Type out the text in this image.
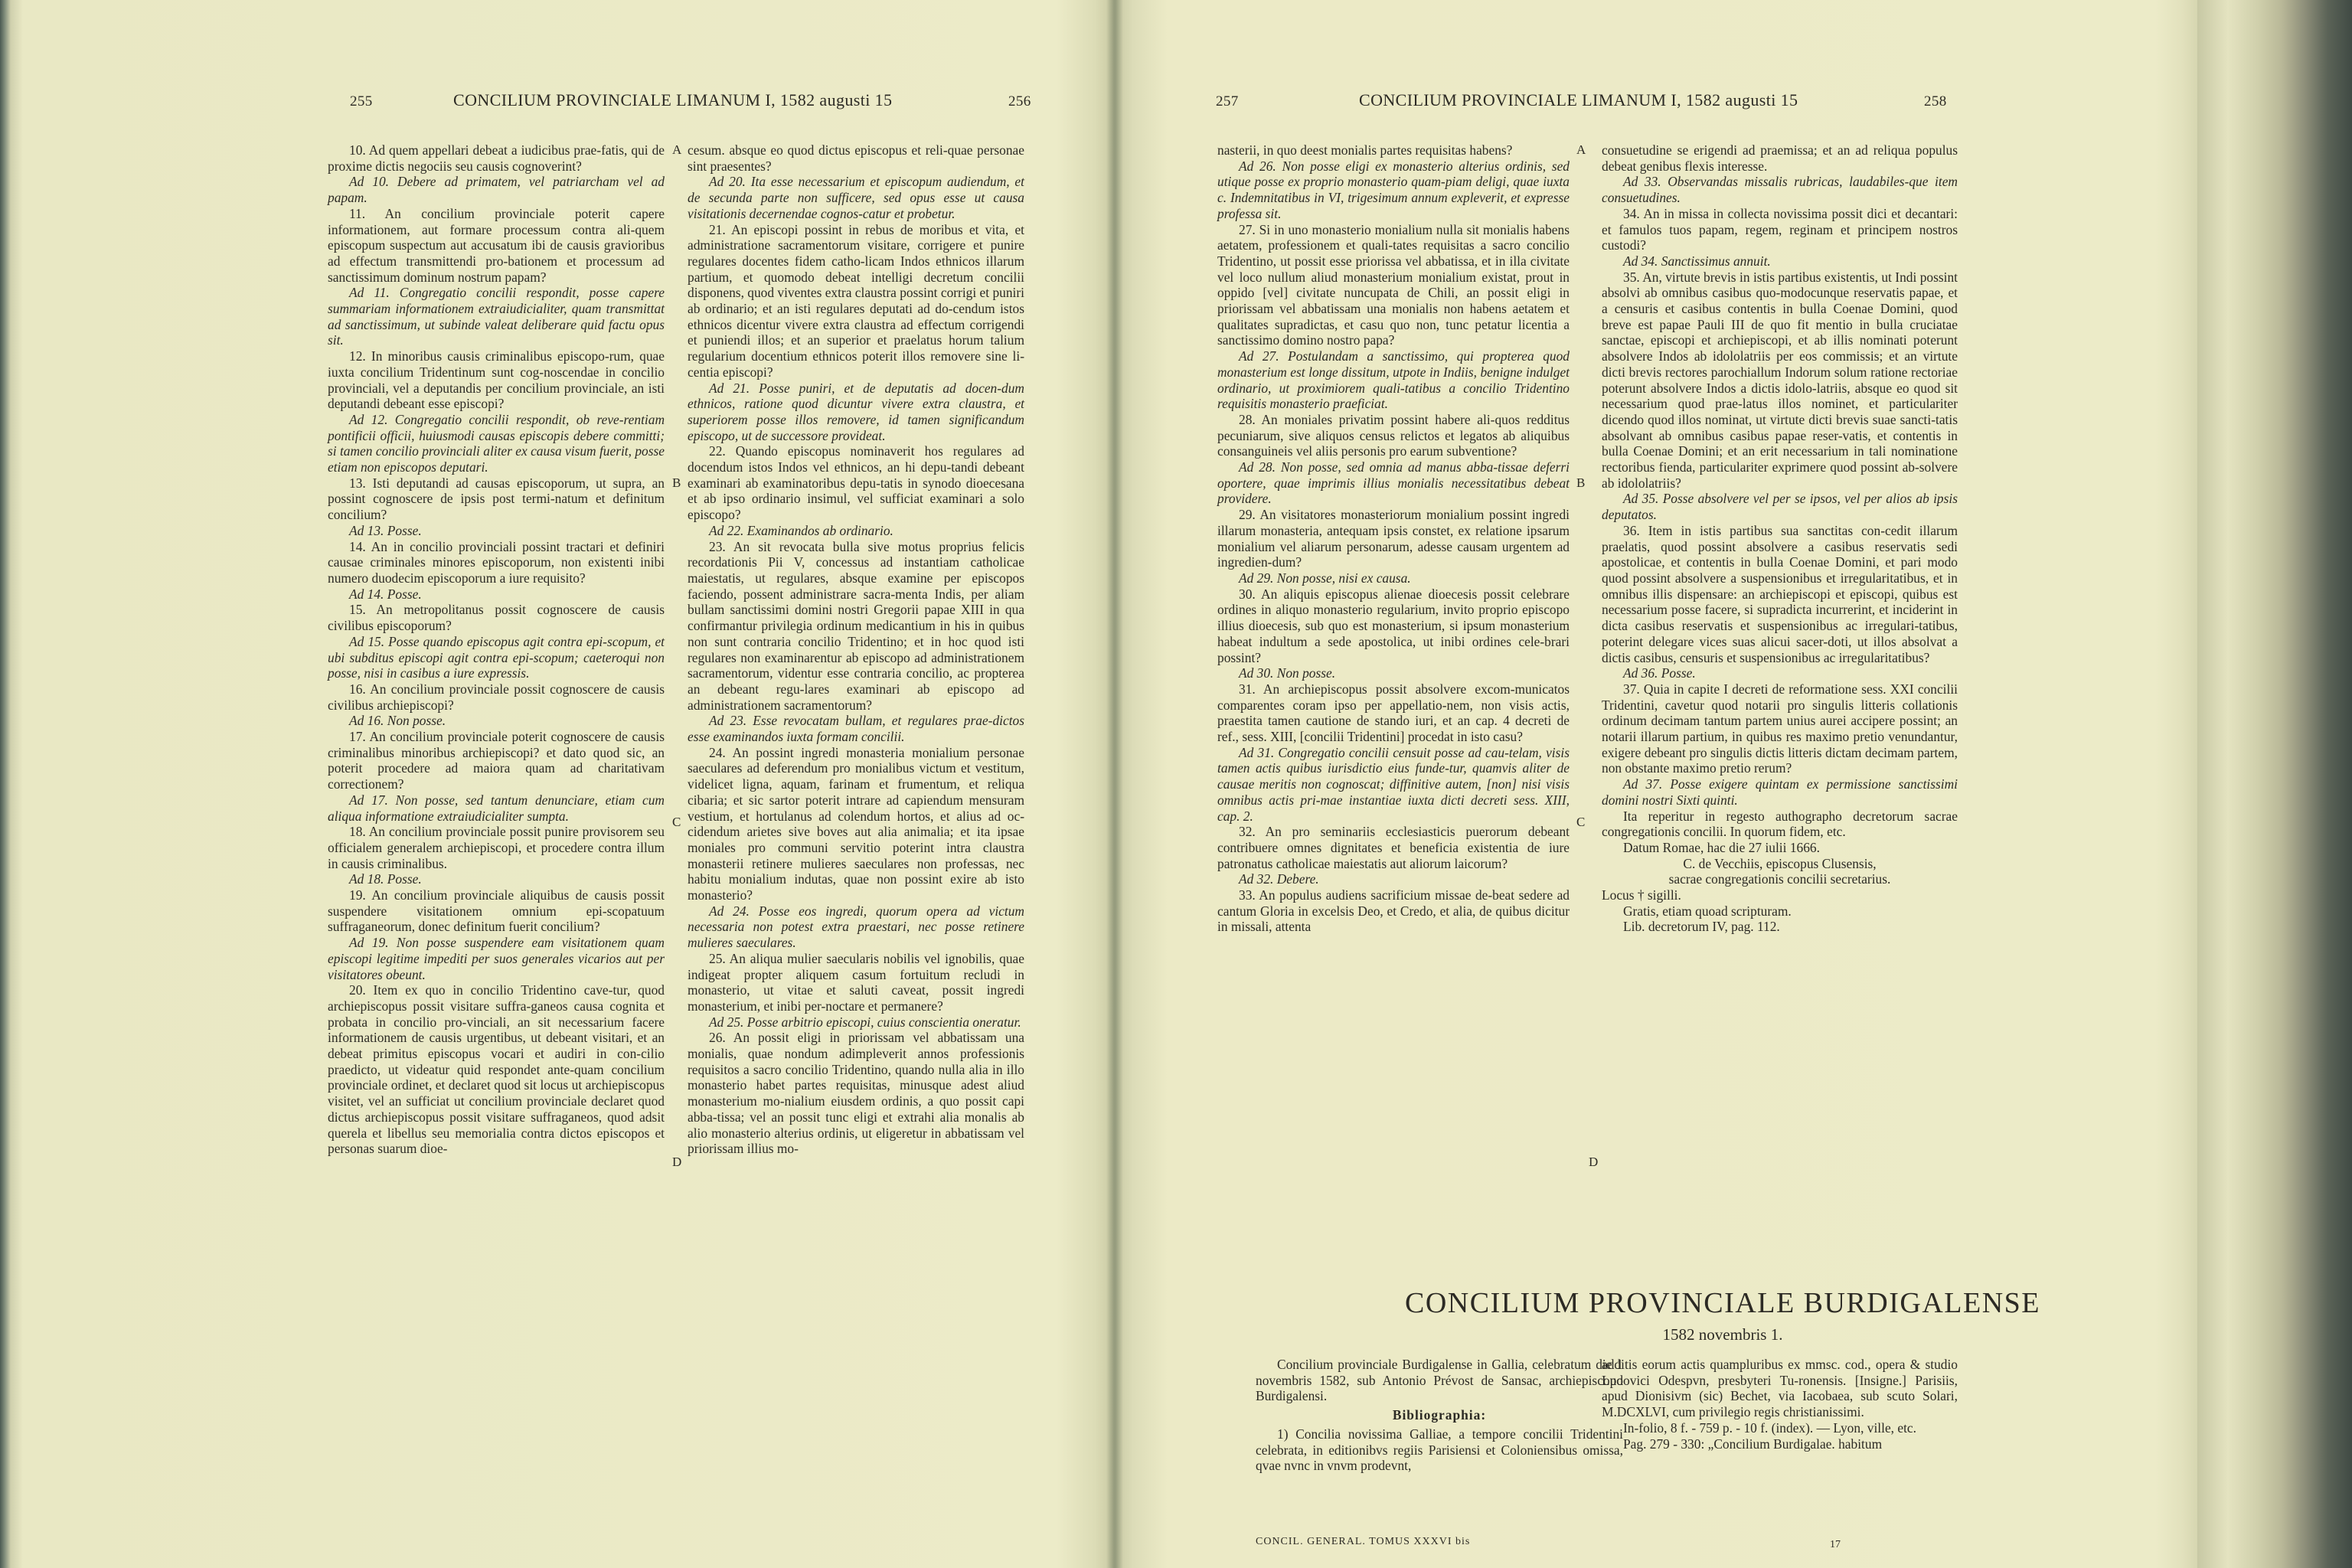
255	CONCILIUM PROVINCIALE LIMANUM I, 1582 augusti 15	256

10. Ad quem appellari debeat a iudicibus prae-fatis, qui de proxime dictis negociis seu causis cognoverint?

Ad 10. Debere ad primatem, vel patriarcham vel ad papam.

11. An concilium provinciale poterit capere informationem, aut formare processum contra ali-quem episcopum suspectum aut accusatum ibi de causis gravioribus ad effectum transmittendi pro-bationem et processum ad sanctissimum dominum nostrum papam?

Ad 11. Congregatio concilii respondit, posse capere summariam informationem extraiudicialiter, quam transmittat ad sanctissimum, ut subinde valeat deliberare quid factu opus sit.

12. In minoribus causis criminalibus episcopo-rum, quae iuxta concilium Tridentinum sunt cog-noscendae in concilio provinciali, vel a deputandis per concilium provinciale, an isti deputandi debeant esse episcopi?

Ad 12. Congregatio concilii respondit, ob reve-rentiam pontificii officii, huiusmodi causas episcopis debere committi; si tamen concilio provinciali aliter ex causa visum fuerit, posse etiam non episcopos deputari.

13. Isti deputandi ad causas episcoporum, ut supra, an possint cognoscere de ipsis post termi-natum et definitum concilium?

Ad 13. Posse.

14. An in concilio provinciali possint tractari et definiri causae criminales minores episcoporum, non existenti inibi numero duodecim episcoporum a iure requisito?

Ad 14. Posse.

15. An metropolitanus possit cognoscere de causis civilibus episcoporum?

Ad 15. Posse quando episcopus agit contra epi-scopum, et ubi subditus episcopi agit contra epi-scopum; caeteroqui non posse, nisi in casibus a iure expressis.

16. An concilium provinciale possit cognoscere de causis civilibus archiepiscopi?

Ad 16. Non posse.

17. An concilium provinciale poterit cognoscere de causis criminalibus minoribus archiepiscopi? et dato quod sic, an poterit procedere ad maiora quam ad charitativam correctionem?

Ad 17. Non posse, sed tantum denunciare, etiam cum aliqua informatione extraiudicialiter sumpta.

18. An concilium provinciale possit punire provisorem seu officialem generalem archiepiscopi, et procedere contra illum in causis criminalibus.

Ad 18. Posse.

19. An concilium provinciale aliquibus de causis possit suspendere visitationem omnium epi-scopatuum suffraganeorum, donec definitum fuerit concilium?

Ad 19. Non posse suspendere eam visitationem quam episcopi legitime impediti per suos generales vicarios aut per visitatores obeunt.

20. Item ex quo in concilio Tridentino cave-tur, quod archiepiscopus possit visitare suffra-ganeos causa cognita et probata in concilio pro-vinciali, an sit necessarium facere informationem de causis urgentibus, ut debeant visitari, et an debeat primitus episcopus vocari et audiri in con-cilio praedicto, ut videatur quid respondet ante-quam concilium provinciale ordinet, et declaret quod sit locus ut archiepiscopus visitet, vel an sufficiat ut concilium provinciale declaret quod dictus archiepiscopus possit visitare suffraganeos, quod adsit querela et libellus seu memorialia contra dictos episcopos et personas suarum dioe-

cesum. absque eo quod dictus episcopus et reli-quae personae sint praesentes?

Ad 20. Ita esse necessarium et episcopum audiendum, et de secunda parte non sufficere, sed opus esse ut causa visitationis decernendae cognos-catur et probetur.

21. An episcopi possint in rebus de moribus et vita, et administratione sacramentorum visitare, corrigere et punire regulares docentes fidem catho-licam Indos ethnicos illarum partium, et quomodo debeat intelligi decretum concilii disponens, quod viventes extra claustra possint corrigi et puniri ab ordinario; et an isti regulares deputati ad do-cendum istos ethnicos dicentur vivere extra claustra ad effectum corrigendi et puniendi illos; et an superior et praelatus horum talium regularium docentium ethnicos poterit illos removere sine li-centia episcopi?

Ad 21. Posse puniri, et de deputatis ad docen-dum ethnicos, ratione quod dicuntur vivere extra claustra, et superiorem posse illos removere, id tamen significandum episcopo, ut de successore provideat.

22. Quando episcopus nominaverit hos regulares ad docendum istos Indos vel ethnicos, an hi depu-tandi debeant examinari ab examinatoribus depu-tatis in synodo dioecesana et ab ipso ordinario insimul, vel sufficiat examinari a solo episcopo?

Ad 22. Examinandos ab ordinario.

23. An sit revocata bulla sive motus proprius felicis recordationis Pii V, concessus ad instantiam catholicae maiestatis, ut regulares, absque examine per episcopos faciendo, possent administrare sacra-menta Indis, per aliam bullam sanctissimi domini nostri Gregorii papae XIII in qua confirmantur privilegia ordinum medicantium in his in quibus non sunt contraria concilio Tridentino; et in hoc quod isti regulares non examinarentur ab episcopo ad administrationem sacramentorum, videntur esse contraria concilio, ac propterea an debeant regu-lares examinari ab episcopo ad administrationem sacramentorum?

Ad 23. Esse revocatam bullam, et regulares prae-dictos esse examinandos iuxta formam concilii.

24. An possint ingredi monasteria monialium personae saeculares ad deferendum pro monialibus victum et vestitum, videlicet ligna, aquam, farinam et frumentum, et reliqua cibaria; et sic sartor poterit intrare ad capiendum mensuram vestium, et hortulanus ad colendum hortos, et alius ad oc-cidendum arietes sive boves aut alia animalia; et ita ipsae moniales pro communi servitio poterint intra claustra monasterii retinere mulieres saeculares non professas, nec habitu monialium indutas, quae non possint exire ab isto monasterio?

Ad 24. Posse eos ingredi, quorum opera ad victum necessaria non potest extra praestari, nec posse retinere mulieres saeculares.

25. An aliqua mulier saecularis nobilis vel ignobilis, quae indigeat propter aliquem casum fortuitum recludi in monasterio, ut vitae et saluti caveat, possit ingredi monasterium, et inibi per-noctare et permanere?

Ad 25. Posse arbitrio episcopi, cuius conscientia oneratur.

26. An possit eligi in priorissam vel abbatissam una monialis, quae nondum adimpleverit annos professionis requisitos a sacro concilio Tridentino, quando nulla alia in illo monasterio habet partes requisitas, minusque adest aliud monasterium mo-nialium eiusdem ordinis, a quo possit capi abba-tissa; vel an possit tunc eligi et extrahi alia monalis ab alio monasterio alterius ordinis, ut eligeretur in abbatissam vel priorissam illius mo-

A
B
C
D
257	CONCILIUM PROVINCIALE LIMANUM I, 1582 augusti 15	258

nasterii, in quo deest monialis partes requisitas habens?

Ad 26. Non posse eligi ex monasterio alterius ordinis, sed utique posse ex proprio monasterio quam-piam deligi, quae iuxta c. Indemnitatibus in VI, trigesimum annum expleverit, et expresse professa sit.

27. Si in uno monasterio monialium nulla sit monialis habens aetatem, professionem et quali-tates requisitas a sacro concilio Tridentino, ut possit esse priorissa vel abbatissa, et in illa civitate vel loco nullum aliud monasterium monialium existat, prout in oppido [vel] civitate nuncupata de Chili, an possit eligi in priorissam vel abbatissam una monialis non habens aetatem et qualitates supradictas, et casu quo non, tunc petatur licentia a sanctissimo domino nostro papa?

Ad 27. Postulandam a sanctissimo, qui propterea quod monasterium est longe dissitum, utpote in Indiis, benigne indulget ordinario, ut proximiorem quali-tatibus a concilio Tridentino requisitis monasterio praeficiat.

28. An moniales privatim possint habere ali-quos redditus pecuniarum, sive aliquos census relictos et legatos ab aliquibus consanguineis vel aliis personis pro earum subventione?

Ad 28. Non posse, sed omnia ad manus abba-tissae deferri oportere, quae imprimis illius monialis necessitatibus debeat providere.

29. An visitatores monasteriorum monialium possint ingredi illarum monasteria, antequam ipsis constet, ex relatione ipsarum monialium vel aliarum personarum, adesse causam urgentem ad ingredien-dum?

Ad 29. Non posse, nisi ex causa.

30. An aliquis episcopus alienae dioecesis possit celebrare ordines in aliquo monasterio regularium, invito proprio episcopo illius dioecesis, sub quo est monasterium, si ipsum monasterium habeat indultum a sede apostolica, ut inibi ordines cele-brari possint?

Ad 30. Non posse.

31. An archiepiscopus possit absolvere excom-municatos comparentes coram ipso per appellatio-nem, non visis actis, praestita tamen cautione de stando iuri, et an cap. 4 decreti de ref., sess. XIII, [concilii Tridentini] procedat in isto casu?

Ad 31. Congregatio concilii censuit posse ad cau-telam, visis tamen actis quibus iurisdictio eius funde-tur, quamvis aliter de causae meritis non cognoscat; diffinitive autem, [non] nisi visis omnibus actis pri-mae instantiae iuxta dicti decreti sess. XIII, cap. 2.

32. An pro seminariis ecclesiasticis puerorum debeant contribuere omnes dignitates et beneficia existentia de iure patronatus catholicae maiestatis aut aliorum laicorum?

Ad 32. Debere.

33. An populus audiens sacrificium missae de-beat sedere ad cantum Gloria in excelsis Deo, et Credo, et alia, de quibus dicitur in missali, attenta

consuetudine se erigendi ad praemissa; et an ad reliqua populus debeat genibus flexis interesse.

Ad 33. Observandas missalis rubricas, laudabiles-que item consuetudines.

34. An in missa in collecta novissima possit dici et decantari: et famulos tuos papam, regem, reginam et principem nostros custodi?

Ad 34. Sanctissimus annuit.

35. An, virtute brevis in istis partibus existentis, ut Indi possint absolvi ab omnibus casibus quo-modocunque reservatis papae, et a censuris et casibus contentis in bulla Coenae Domini, quod breve est papae Pauli III de quo fit mentio in bulla cruciatae sanctae, episcopi et archiepiscopi, et ab illis nominati poterunt absolvere Indos ab idololatriis per eos commissis; et an virtute dicti brevis rectores parochiallum Indorum solum ratione rectoriae poterunt absolvere Indos a dictis idolo-latriis, absque eo quod sit necessarium quod prae-latus illos nominet, et particulariter dicendo quod illos nominat, ut virtute dicti brevis suae sancti-tatis absolvant ab omnibus casibus papae reser-vatis, et contentis in bulla Coenae Domini; et an erit necessarium in tali nominatione rectoribus fienda, particulariter exprimere quod possint ab-solvere ab idololatriis?

Ad 35. Posse absolvere vel per se ipsos, vel per alios ab ipsis deputatos.

36. Item in istis partibus sua sanctitas con-cedit illarum praelatis, quod possint absolvere a casibus reservatis sedi apostolicae, et contentis in bulla Coenae Domini, et pari modo quod possint absolvere a suspensionibus et irregularitatibus, et in omnibus illis dispensare: an archiepiscopi et episcopi, quibus est necessarium posse facere, si supradicta incurrerint, et inciderint in dicta casibus reservatis et suspensionibus ac irregulari-tatibus, poterint delegare vices suas alicui sacer-doti, ut illos absolvat a dictis casibus, censuris et suspensionibus ac irregularitatibus?

Ad 36. Posse.

37. Quia in capite I decreti de reformatione sess. XXI concilii Tridentini, cavetur quod notarii pro singulis litteris collationis ordinum decimam tantum partem unius aurei accipere possint; an notarii illarum partium, in quibus res maximo pretio venundantur, exigere debeant pro singulis dictis litteris dictam decimam partem, non obstante maximo pretio rerum?

Ad 37. Posse exigere quintam ex permissione sanctissimi domini nostri Sixti quinti.

Ita reperitur in regesto authographo decretorum sacrae congregationis concilii. In quorum fidem, etc.

Datum Romae, hac die 27 iulii 1666.

C. de Vecchiis, episcopus Clusensis,

sacrae congregationis concilii secretarius.

Locus † sigilli.

Gratis, etiam quoad scripturam.

Lib. decretorum IV, pag. 112.

A
B
C
D
CONCILIUM PROVINCIALE BURDIGALENSE
1582 novembris 1.

Concilium provinciale Burdigalense in Gallia, celebratum die 1 novembris 1582, sub Antonio Prévost de Sansac, archiepiscopo Burdigalensi.

Bibliographia:

1) Concilia novissima Galliae, a tempore concilii Tridentini celebrata, in editionibvs regiis Parisiensi et Coloniensibus omissa, qvae nvnc in vnvm prodevnt,

additis eorum actis quampluribus ex mmsc. cod., opera & studio Ludovici Odespvn, presbyteri Tu-ronensis. [Insigne.] Parisiis, apud Dionisivm (sic) Bechet, via Iacobaea, sub scuto Solari, M.DCXLVI, cum privilegio regis christianissimi.

In-folio, 8 f. - 759 p. - 10 f. (index). — Lyon, ville, etc.

Pag. 279 - 330: „Concilium Burdigalae. habitum

CONCIL. GENERAL. TOMUS XXXVI bis	17
